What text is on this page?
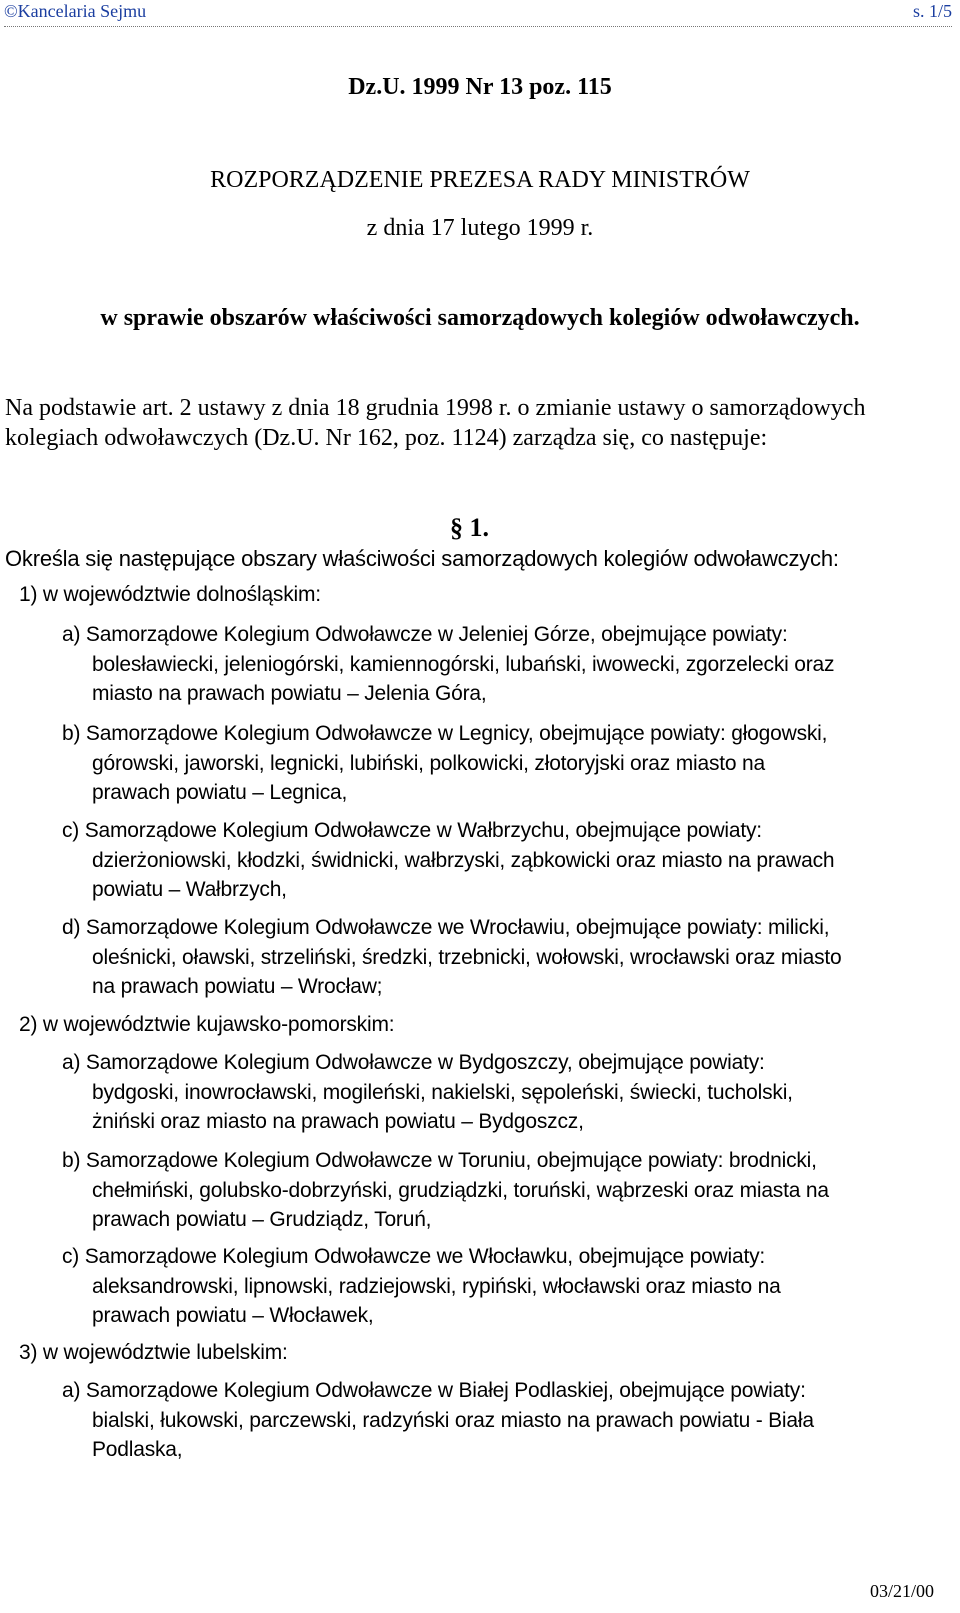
©Kancelaria Sejmu	s. 1/5
Dz.U. 1999 Nr 13 poz. 115
ROZPORZĄDZENIE PREZESA RADY MINISTRÓW
z dnia 17 lutego 1999 r.
w sprawie obszarów właściwości samorządowych kolegiów odwoławczych.
Na podstawie art. 2 ustawy z dnia 18 grudnia 1998 r. o zmianie ustawy o samorządowych kolegiach odwoławczych (Dz.U. Nr 162, poz. 1124) zarządza się, co następuje:
§ 1.
Określa się następujące obszary właściwości samorządowych kolegiów odwoławczych:
1) w województwie dolnośląskim:
a) Samorządowe Kolegium Odwoławcze w Jeleniej Górze, obejmujące powiaty:
bolesławiecki, jeleniogórski, kamiennogórski, lubański, iwowecki, zgorzelecki oraz
miasto na prawach powiatu – Jelenia Góra,
b) Samorządowe Kolegium Odwoławcze w Legnicy, obejmujące powiaty: głogowski,
górowski, jaworski, legnicki, lubiński, polkowicki, złotoryjski oraz miasto na
prawach powiatu – Legnica,
c) Samorządowe Kolegium Odwoławcze w Wałbrzychu, obejmujące powiaty:
dzierżoniowski, kłodzki, świdnicki, wałbrzyski, ząbkowicki oraz miasto na prawach
powiatu – Wałbrzych,
d) Samorządowe Kolegium Odwoławcze we Wrocławiu, obejmujące powiaty: milicki,
oleśnicki, oławski, strzeliński, średzki, trzebnicki, wołowski, wrocławski oraz miasto
na prawach powiatu – Wrocław;
2) w województwie kujawsko-pomorskim:
a) Samorządowe Kolegium Odwoławcze w Bydgoszczy, obejmujące powiaty:
bydgoski, inowrocławski, mogileński, nakielski, sępoleński, świecki, tucholski,
żniński oraz miasto na prawach powiatu – Bydgoszcz,
b) Samorządowe Kolegium Odwoławcze w Toruniu, obejmujące powiaty: brodnicki,
chełmiński, golubsko-dobrzyński, grudziądzki, toruński, wąbrzeski oraz miasta na
prawach powiatu – Grudziądz, Toruń,
c) Samorządowe Kolegium Odwoławcze we Włocławku, obejmujące powiaty:
aleksandrowski, lipnowski, radziejowski, rypiński, włocławski oraz miasto na
prawach powiatu – Włocławek,
3) w województwie lubelskim:
a) Samorządowe Kolegium Odwoławcze w Białej Podlaskiej, obejmujące powiaty:
bialski, łukowski, parczewski, radzyński oraz miasto na prawach powiatu - Biała
Podlaska,
03/21/00
